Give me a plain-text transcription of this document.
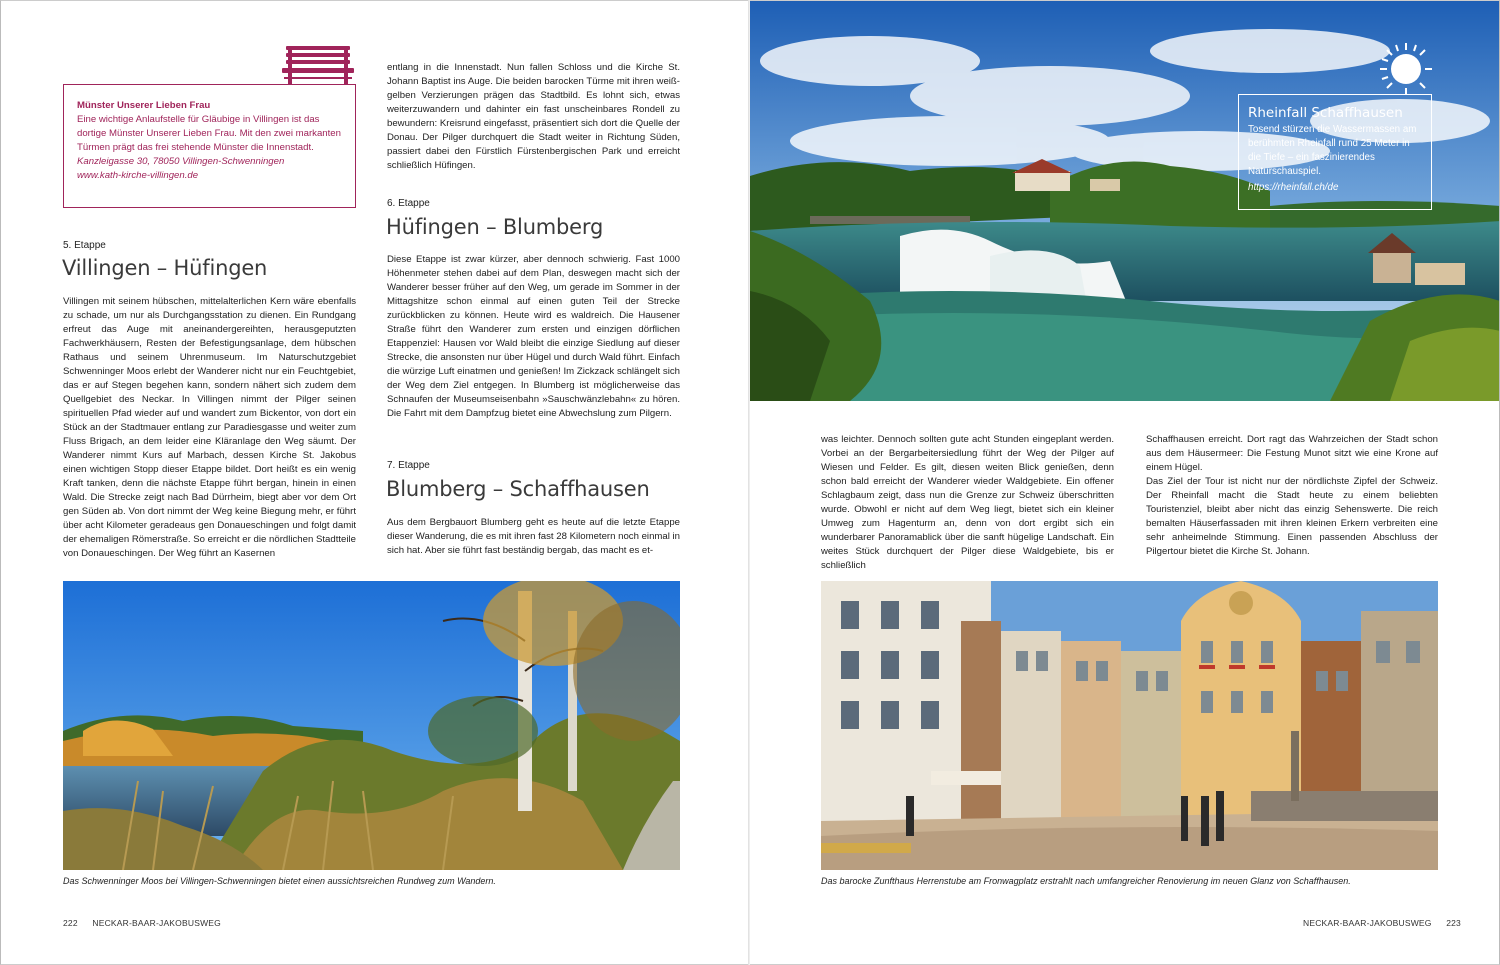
Münster Unserer Lieben Frau
Eine wichtige Anlaufstelle für Gläubige in Villingen ist das dortige Münster Unserer Lieben Frau. Mit den zwei markanten Türmen prägt das frei stehende Münster die Innenstadt.
Kanzleigasse 30, 78050 Villingen-Schwenningen
www.kath-kirche-villingen.de
5. Etappe
Villingen – Hüfingen
Villingen mit seinem hübschen, mittelalterlichen Kern wäre ebenfalls zu schade, um nur als Durchgangsstation zu dienen. Ein Rundgang erfreut das Auge mit aneinandergereihten, herausgeputzten Fachwerkhäusern, Resten der Befestigungsanlage, dem hübschen Rathaus und seinem Uhrenmuseum. Im Naturschutzgebiet Schwenninger Moos erlebt der Wanderer nicht nur ein Feuchtgebiet, das er auf Stegen begehen kann, sondern nähert sich zudem dem Quellgebiet des Neckar. In Villingen nimmt der Pilger seinen spirituellen Pfad wieder auf und wandert zum Bickentor, von dort ein Stück an der Stadtmauer entlang zur Paradiesgasse und weiter zum Fluss Brigach, an dem leider eine Kläranlage den Weg säumt. Der Wanderer nimmt Kurs auf Marbach, dessen Kirche St. Jakobus einen wichtigen Stopp dieser Etappe bildet. Dort heißt es ein wenig Kraft tanken, denn die nächste Etappe führt bergan, hinein in einen Wald. Die Strecke zeigt nach Bad Dürrheim, biegt aber vor dem Ort gen Süden ab. Von dort nimmt der Weg keine Biegung mehr, er führt über acht Kilometer geradeaus gen Donaueschingen und folgt damit der ehemaligen Römerstraße. So erreicht er die nördlichen Stadtteile von Donaueschingen. Der Weg führt an Kasernen
entlang in die Innenstadt. Nun fallen Schloss und die Kirche St. Johann Baptist ins Auge. Die beiden barocken Türme mit ihren weiß-gelben Verzierungen prägen das Stadtbild. Es lohnt sich, etwas weiterzuwandern und dahinter ein fast unscheinbares Rondell zu bewundern: Kreisrund eingefasst, präsentiert sich dort die Quelle der Donau. Der Pilger durchquert die Stadt weiter in Richtung Süden, passiert dabei den Fürstlich Fürstenbergischen Park und erreicht schließlich Hüfingen.
6. Etappe
Hüfingen – Blumberg
Diese Etappe ist zwar kürzer, aber dennoch schwierig. Fast 1000 Höhenmeter stehen dabei auf dem Plan, deswegen macht sich der Wanderer besser früher auf den Weg, um gerade im Sommer in der Mittagshitze schon einmal auf einen guten Teil der Strecke zurückblicken zu können. Heute wird es waldreich. Die Hausener Straße führt den Wanderer zum ersten und einzigen dörflichen Etappenziel: Hausen vor Wald bleibt die einzige Siedlung auf dieser Strecke, die ansonsten nur über Hügel und durch Wald führt. Einfach die würzige Luft einatmen und genießen! Im Zickzack schlängelt sich der Weg dem Ziel entgegen. In Blumberg ist möglicherweise das Schnaufen der Museumseisenbahn »Sauschwänzlebahn« zu hören. Die Fahrt mit dem Dampfzug bietet eine Abwechslung zum Pilgern.
7. Etappe
Blumberg – Schaffhausen
Aus dem Bergbauort Blumberg geht es heute auf die letzte Etappe dieser Wanderung, die es mit ihren fast 28 Kilometern noch einmal in sich hat. Aber sie führt fast beständig bergab, das macht es et-
Das Schwenninger Moos bei Villingen-Schwenningen bietet einen aussichtsreichen Rundweg zum Wandern.
222 NECKAR-BAAR-JAKOBUSWEG
Rheinfall Schaffhausen
Tosend stürzen die Wassermassen am berühmten Rheinfall rund 25 Meter in die Tiefe – ein faszinierendes Naturschauspiel.
https://rheinfall.ch/de
was leichter. Dennoch sollten gute acht Stunden eingeplant werden. Vorbei an der Bergarbeitersiedlung führt der Weg der Pilger auf Wiesen und Felder. Es gilt, diesen weiten Blick genießen, denn schon bald erreicht der Wanderer wieder Waldgebiete. Ein offener Schlagbaum zeigt, dass nun die Grenze zur Schweiz überschritten wurde. Obwohl er nicht auf dem Weg liegt, bietet sich ein kleiner Umweg zum Hagenturm an, denn von dort ergibt sich ein wunderbarer Panoramablick über die sanft hügelige Landschaft. Ein weites Stück durchquert der Pilger diese Waldgebiete, bis er schließlich

Schaffhausen erreicht. Dort ragt das Wahrzeichen der Stadt schon aus dem Häusermeer: Die Festung Munot sitzt wie eine Krone auf einem Hügel.

Das Ziel der Tour ist nicht nur der nördlichste Zipfel der Schweiz. Der Rheinfall macht die Stadt heute zu einem beliebten Touristenziel, bleibt aber nicht das einzig Sehenswerte. Die reich bemalten Häuserfassaden mit ihren kleinen Erkern verbreiten eine sehr anheimelnde Stimmung. Einen passenden Abschluss der Pilgertour bietet die Kirche St. Johann.

Das barocke Zunfthaus Herrenstube am Fronwagplatz erstrahlt nach umfangreicher Renovierung im neuen Glanz von Schaffhausen.
NECKAR-BAAR-JAKOBUSWEG 223
